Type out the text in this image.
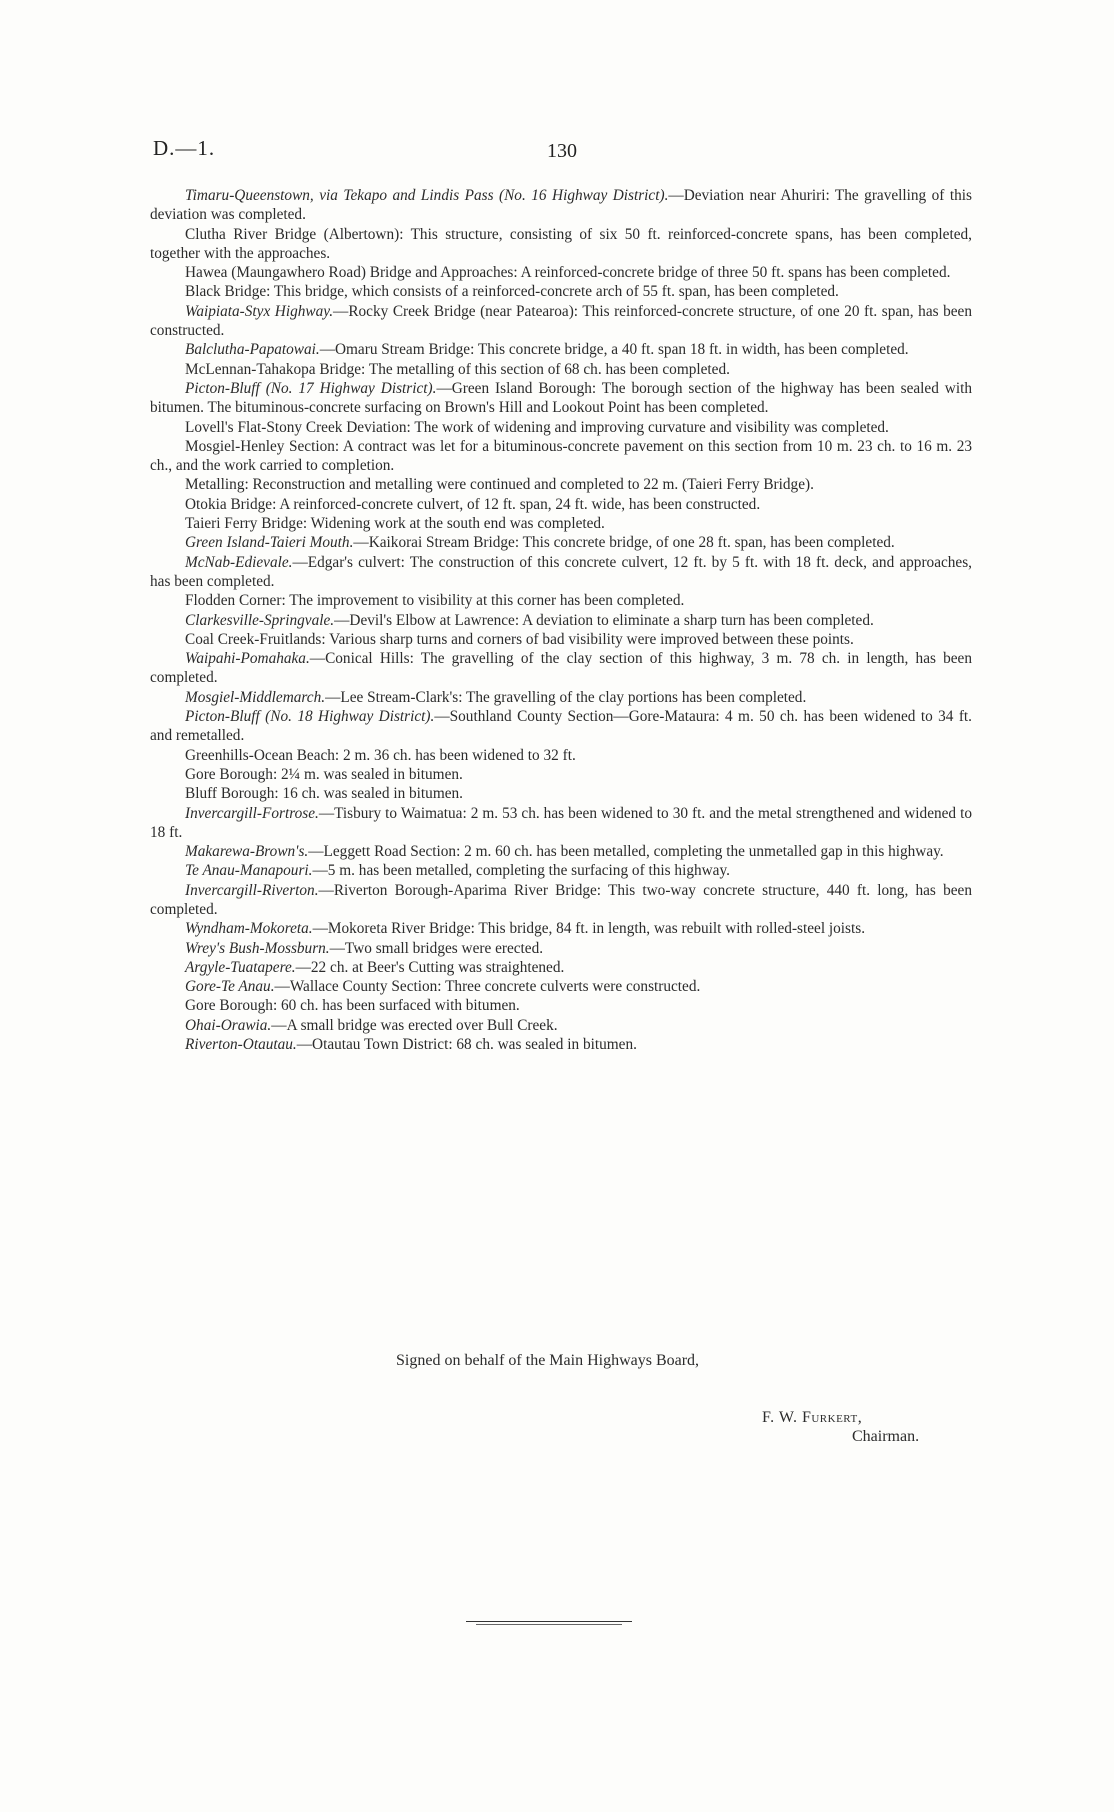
D.—1.	130

Timaru-Queenstown, via Tekapo and Lindis Pass (No. 16 Highway District).—Deviation near Ahuriri: The gravelling of this deviation was completed.

Clutha River Bridge (Albertown): This structure, consisting of six 50 ft. reinforced-concrete spans, has been completed, together with the approaches.

Hawea (Maungawhero Road) Bridge and Approaches: A reinforced-concrete bridge of three 50 ft. spans has been completed.

Black Bridge: This bridge, which consists of a reinforced-concrete arch of 55 ft. span, has been completed.

Waipiata-Styx Highway.—Rocky Creek Bridge (near Patearoa): This reinforced-concrete structure, of one 20 ft. span, has been constructed.

Balclutha-Papatowai.—Omaru Stream Bridge: This concrete bridge, a 40 ft. span 18 ft. in width, has been completed.

McLennan-Tahakopa Bridge: The metalling of this section of 68 ch. has been completed.

Picton-Bluff (No. 17 Highway District).—Green Island Borough: The borough section of the highway has been sealed with bitumen. The bituminous-concrete surfacing on Brown's Hill and Lookout Point has been completed.

Lovell's Flat-Stony Creek Deviation: The work of widening and improving curvature and visibility was completed.

Mosgiel-Henley Section: A contract was let for a bituminous-concrete pavement on this section from 10 m. 23 ch. to 16 m. 23 ch., and the work carried to completion.

Metalling: Reconstruction and metalling were continued and completed to 22 m. (Taieri Ferry Bridge).

Otokia Bridge: A reinforced-concrete culvert, of 12 ft. span, 24 ft. wide, has been constructed.

Taieri Ferry Bridge: Widening work at the south end was completed.

Green Island-Taieri Mouth.—Kaikorai Stream Bridge: This concrete bridge, of one 28 ft. span, has been completed.

McNab-Edievale.—Edgar's culvert: The construction of this concrete culvert, 12 ft. by 5 ft. with 18 ft. deck, and approaches, has been completed.

Flodden Corner: The improvement to visibility at this corner has been completed.

Clarkesville-Springvale.—Devil's Elbow at Lawrence: A deviation to eliminate a sharp turn has been completed.

Coal Creek-Fruitlands: Various sharp turns and corners of bad visibility were improved between these points.

Waipahi-Pomahaka.—Conical Hills: The gravelling of the clay section of this highway, 3 m. 78 ch. in length, has been completed.

Mosgiel-Middlemarch.—Lee Stream-Clark's: The gravelling of the clay portions has been completed.

Picton-Bluff (No. 18 Highway District).—Southland County Section—Gore-Mataura: 4 m. 50 ch. has been widened to 34 ft. and remetalled.

Greenhills-Ocean Beach: 2 m. 36 ch. has been widened to 32 ft.

Gore Borough: 2¼ m. was sealed in bitumen.

Bluff Borough: 16 ch. was sealed in bitumen.

Invercargill-Fortrose.—Tisbury to Waimatua: 2 m. 53 ch. has been widened to 30 ft. and the metal strengthened and widened to 18 ft.

Makarewa-Brown's.—Leggett Road Section: 2 m. 60 ch. has been metalled, completing the unmetalled gap in this highway.

Te Anau-Manapouri.—5 m. has been metalled, completing the surfacing of this highway.

Invercargill-Riverton.—Riverton Borough-Aparima River Bridge: This two-way concrete structure, 440 ft. long, has been completed.

Wyndham-Mokoreta.—Mokoreta River Bridge: This bridge, 84 ft. in length, was rebuilt with rolled-steel joists.

Wrey's Bush-Mossburn.—Two small bridges were erected.

Argyle-Tuatapere.—22 ch. at Beer's Cutting was straightened.

Gore-Te Anau.—Wallace County Section: Three concrete culverts were constructed.

Gore Borough: 60 ch. has been surfaced with bitumen.

Ohai-Orawia.—A small bridge was erected over Bull Creek.

Riverton-Otautau.—Otautau Town District: 68 ch. was sealed in bitumen.

Signed on behalf of the Main Highways Board,
F. W. Furkert,
Chairman.
